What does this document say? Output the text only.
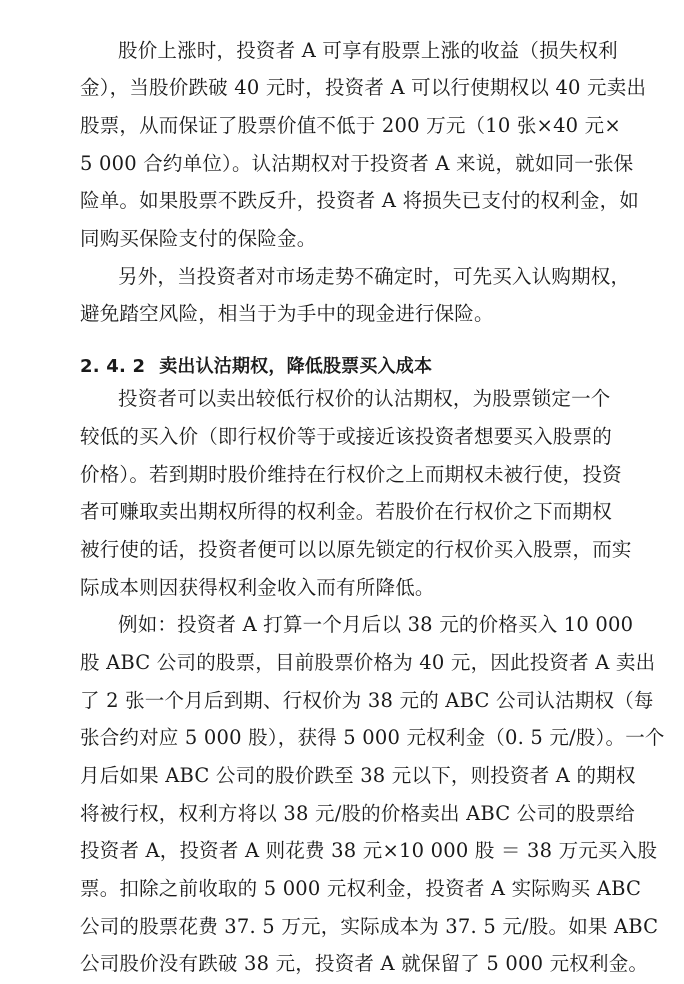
股价上涨时，投资者 A 可享有股票上涨的收益（损失权利
金），当股价跌破 40 元时，投资者 A 可以行使期权以 40 元卖出
股票，从而保证了股票价值不低于 200 万元（10 张×40 元×
5 000 合约单位）。认沽期权对于投资者 A 来说，就如同一张保
险单。如果股票不跌反升，投资者 A 将损失已支付的权利金，如
同购买保险支付的保险金。
另外，当投资者对市场走势不确定时，可先买入认购期权，
避免踏空风险，相当于为手中的现金进行保险。
2. 4. 2 卖出认沽期权，降低股票买入成本
投资者可以卖出较低行权价的认沽期权，为股票锁定一个
较低的买入价（即行权价等于或接近该投资者想要买入股票的
价格）。若到期时股价维持在行权价之上而期权未被行使，投资
者可赚取卖出期权所得的权利金。若股价在行权价之下而期权
被行使的话，投资者便可以以原先锁定的行权价买入股票，而实
际成本则因获得权利金收入而有所降低。
例如：投资者 A 打算一个月后以 38 元的价格买入 10 000
股 ABC 公司的股票，目前股票价格为 40 元，因此投资者 A 卖出
了 2 张一个月后到期、行权价为 38 元的 ABC 公司认沽期权（每
张合约对应 5 000 股），获得 5 000 元权利金（0. 5 元/股）。一个
月后如果 ABC 公司的股价跌至 38 元以下，则投资者 A 的期权
将被行权，权利方将以 38 元/股的价格卖出 ABC 公司的股票给
投资者 A，投资者 A 则花费 38 元×10 000 股 ＝ 38 万元买入股
票。扣除之前收取的 5 000 元权利金，投资者 A 实际购买 ABC
公司的股票花费 37. 5 万元，实际成本为 37. 5 元/股。如果 ABC
公司股价没有跌破 38 元，投资者 A 就保留了 5 000 元权利金。
